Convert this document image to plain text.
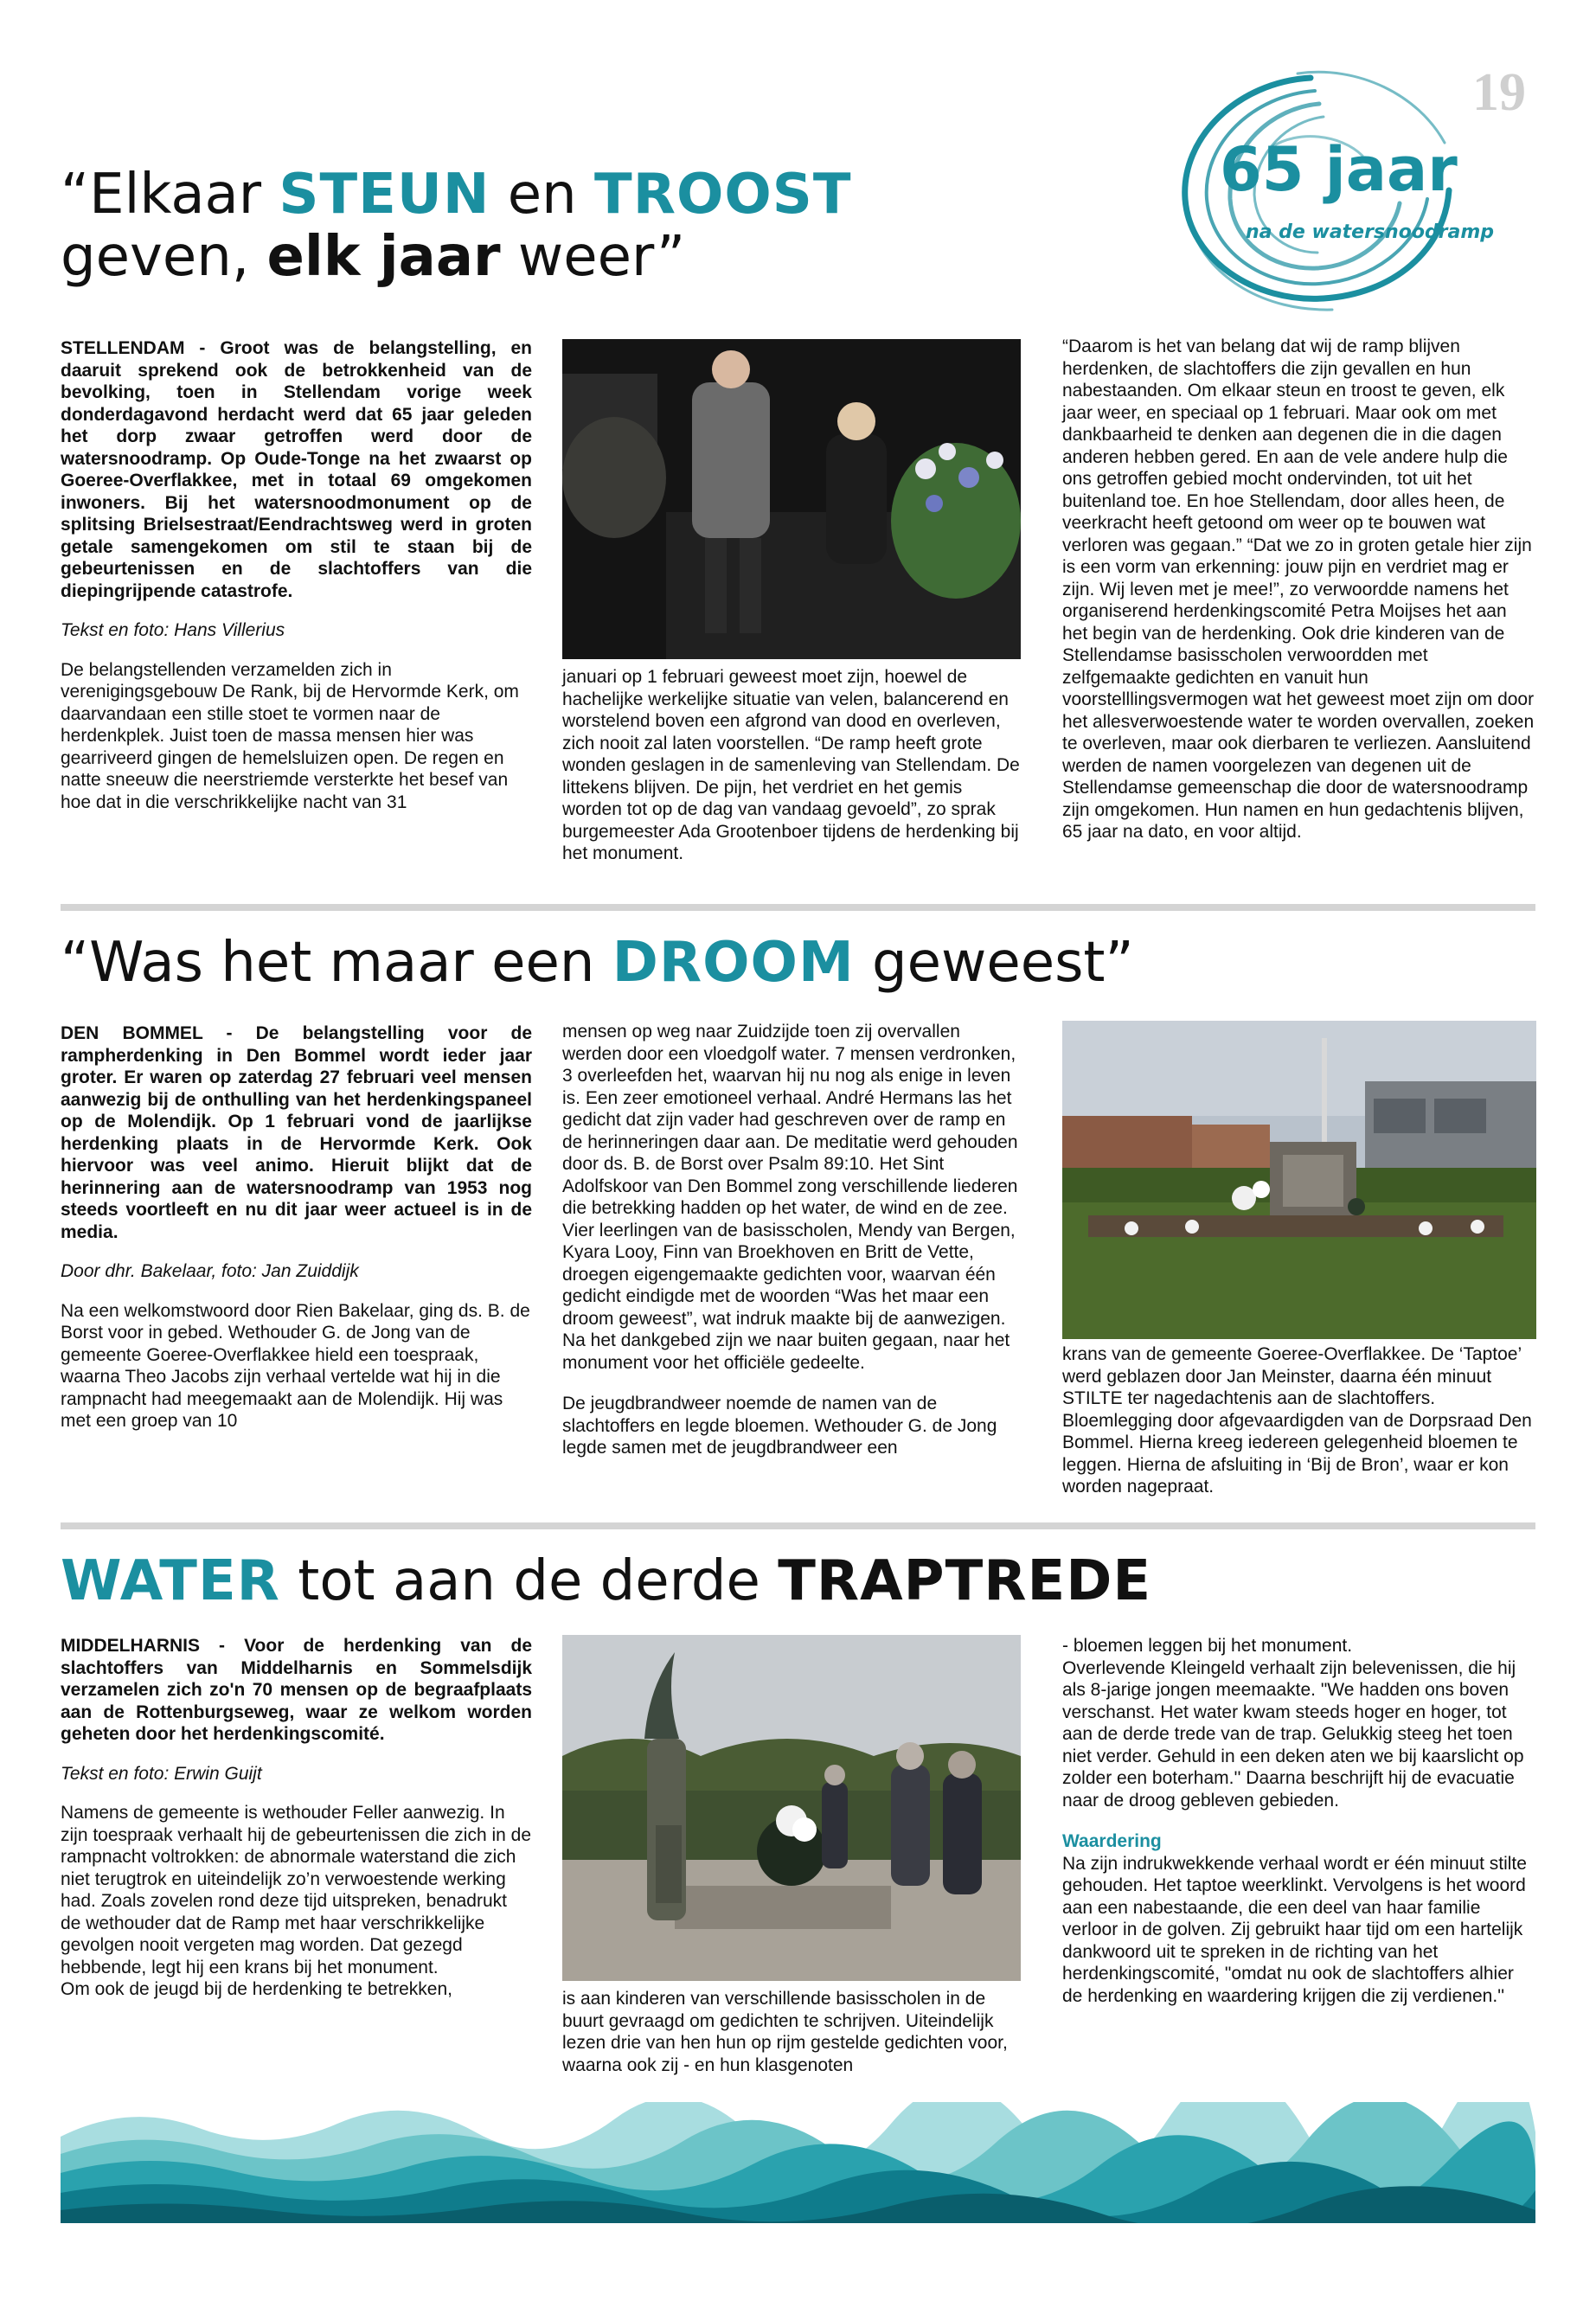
19
65 jaar
na de watersnoodramp
“Elkaar STEUN en TROOST
geven, elk jaar weer”
STELLENDAM - Groot was de belangstelling, en daaruit sprekend ook de betrokkenheid van de bevolking, toen in Stellendam vorige week donderdagavond herdacht werd dat 65 jaar geleden het dorp zwaar getroffen werd door de watersnoodramp. Op Oude-Tonge na het zwaarst op Goeree-Overflakkee, met in totaal 69 omgekomen inwoners. Bij het watersnoodmonument op de splitsing Brielsestraat/Eendrachtsweg werd in groten getale samengekomen om stil te staan bij de gebeurtenissen en de slachtoffers van die diepingrijpende catastrofe.
Tekst en foto: Hans Villerius
De belangstellenden verzamelden zich in verenigingsgebouw De Rank, bij de Hervormde Kerk, om daarvandaan een stille stoet te vormen naar de herdenkplek. Juist toen de massa mensen hier was gearriveerd gingen de hemelsluizen open. De regen en natte sneeuw die neerstriemde versterkte het besef van hoe dat in die verschrikkelijke nacht van 31
januari op 1 februari geweest moet zijn, hoewel de hachelijke werkelijke situatie van velen, balancerend en worstelend boven een afgrond van dood en overleven, zich nooit zal laten voorstellen. “De ramp heeft grote wonden geslagen in de samenleving van Stellendam. De littekens blijven. De pijn, het verdriet en het gemis worden tot op de dag van vandaag gevoeld”, zo sprak burgemeester Ada Grootenboer tijdens de herdenking bij het monument.
“Daarom is het van belang dat wij de ramp blijven herdenken, de slachtoffers die zijn gevallen en hun nabestaanden. Om elkaar steun en troost te geven, elk jaar weer, en speciaal op 1 februari. Maar ook om met dankbaarheid te denken aan degenen die in die dagen anderen hebben gered. En aan de vele andere hulp die ons getroffen gebied mocht ondervinden, tot uit het buitenland toe. En hoe Stellendam, door alles heen, de veerkracht heeft getoond om weer op te bouwen wat verloren was gegaan.” “Dat we zo in groten getale hier zijn is een vorm van erkenning: jouw pijn en verdriet mag er zijn. Wij leven met je mee!”, zo verwoordde namens het organiserend herdenkingscomité Petra Moijses het aan het begin van de herdenking. Ook drie kinderen van de Stellendamse basisscholen verwoordden met zelfgemaakte gedichten en vanuit hun voorstelllingsvermogen wat het geweest moet zijn om door het allesverwoestende water te worden overvallen, zoeken te overleven, maar ook dierbaren te verliezen. Aansluitend werden de namen voorgelezen van degenen uit de Stellendamse gemeenschap die door de watersnoodramp zijn omgekomen. Hun namen en hun gedachtenis blijven, 65 jaar na dato, en voor altijd.
“Was het maar een DROOM geweest”
DEN BOMMEL - De belangstelling voor de rampherdenking in Den Bommel wordt ieder jaar groter. Er waren op zaterdag 27 februari veel mensen aanwezig bij de onthulling van het herdenkingspaneel op de Molendijk. Op 1 februari vond de jaarlijkse herdenking plaats in de Hervormde Kerk. Ook hiervoor was veel animo. Hieruit blijkt dat de herinnering aan de watersnoodramp van 1953 nog steeds voortleeft en nu dit jaar weer actueel is in de media.
Door dhr. Bakelaar, foto: Jan Zuiddijk
Na een welkomstwoord door Rien Bakelaar, ging ds. B. de Borst voor in gebed. Wethouder G. de Jong van de gemeente Goeree-Overflakkee hield een toespraak, waarna Theo Jacobs zijn verhaal vertelde wat hij in die rampnacht had meegemaakt aan de Molendijk. Hij was met een groep van 10
mensen op weg naar Zuidzijde toen zij overvallen werden door een vloedgolf water. 7 mensen verdronken, 3 overleefden het, waarvan hij nu nog als enige in leven is. Een zeer emotioneel verhaal. André Hermans las het gedicht dat zijn vader had geschreven over de ramp en de herinneringen daar aan. De meditatie werd gehouden door ds. B. de Borst over Psalm 89:10. Het Sint Adolfskoor van Den Bommel zong verschillende liederen die betrekking hadden op het water, de wind en de zee. Vier leerlingen van de basisscholen, Mendy van Bergen, Kyara Looy, Finn van Broekhoven en Britt de Vette, droegen eigengemaakte gedichten voor, waarvan één gedicht eindigde met de woorden “Was het maar een droom geweest”, wat indruk maakte bij de aanwezigen. Na het dankgebed zijn we naar buiten gegaan, naar het monument voor het officiële gedeelte.
De jeugdbrandweer noemde de namen van de slachtoffers en legde bloemen. Wethouder G. de Jong legde samen met de jeugdbrandweer een
krans van de gemeente Goeree-Overflakkee. De ‘Taptoe’ werd geblazen door Jan Meinster, daarna één minuut STILTE ter nagedachtenis aan de slachtoffers. Bloemlegging door afgevaardigden van de Dorpsraad Den Bommel. Hierna kreeg iedereen gelegenheid bloemen te leggen. Hierna de afsluiting in ‘Bij de Bron’, waar er kon worden nagepraat.
WATER tot aan de derde TRAPTREDE
MIDDELHARNIS - Voor de herdenking van de slachtoffers van Middelharnis en Sommelsdijk verzamelen zich zo'n 70 mensen op de begraafplaats aan de Rottenburgseweg, waar ze welkom worden geheten door het herdenkingscomité.
Tekst en foto: Erwin Guijt
Namens de gemeente is wethouder Feller aanwezig. In zijn toespraak verhaalt hij de gebeurtenissen die zich in de rampnacht voltrokken: de abnormale waterstand die zich niet terugtrok en uiteindelijk zo’n verwoestende werking had. Zoals zovelen rond deze tijd uitspreken, benadrukt de wethouder dat de Ramp met haar verschrikkelijke gevolgen nooit vergeten mag worden. Dat gezegd hebbende, legt hij een krans bij het monument.
Om ook de jeugd bij de herdenking te betrekken,	is aan kinderen van verschillende basisscholen in de buurt gevraagd om gedichten te schrijven. Uiteindelijk lezen drie van hen hun op rijm gestelde gedichten voor, waarna ook zij - en hun klasgenoten
- bloemen leggen bij het monument.
Overlevende Kleingeld verhaalt zijn belevenissen, die hij als 8-jarige jongen meemaakte. "We hadden ons boven verschanst. Het water kwam steeds hoger en hoger, tot aan de derde trede van de trap. Gelukkig steeg het toen niet verder. Gehuld in een deken aten we bij kaarslicht op zolder een boterham.'' Daarna beschrijft hij de evacuatie naar de droog gebleven gebieden.
Waardering
Na zijn indrukwekkende verhaal wordt er één minuut stilte gehouden. Het taptoe weerklinkt. Vervolgens is het woord aan een nabestaande, die een deel van haar familie verloor in de golven. Zij gebruikt haar tijd om een hartelijk dankwoord uit te spreken in de richting van het herdenkingscomité, "omdat nu ook de slachtoffers alhier de herdenking en waardering krijgen die zij verdienen.''
